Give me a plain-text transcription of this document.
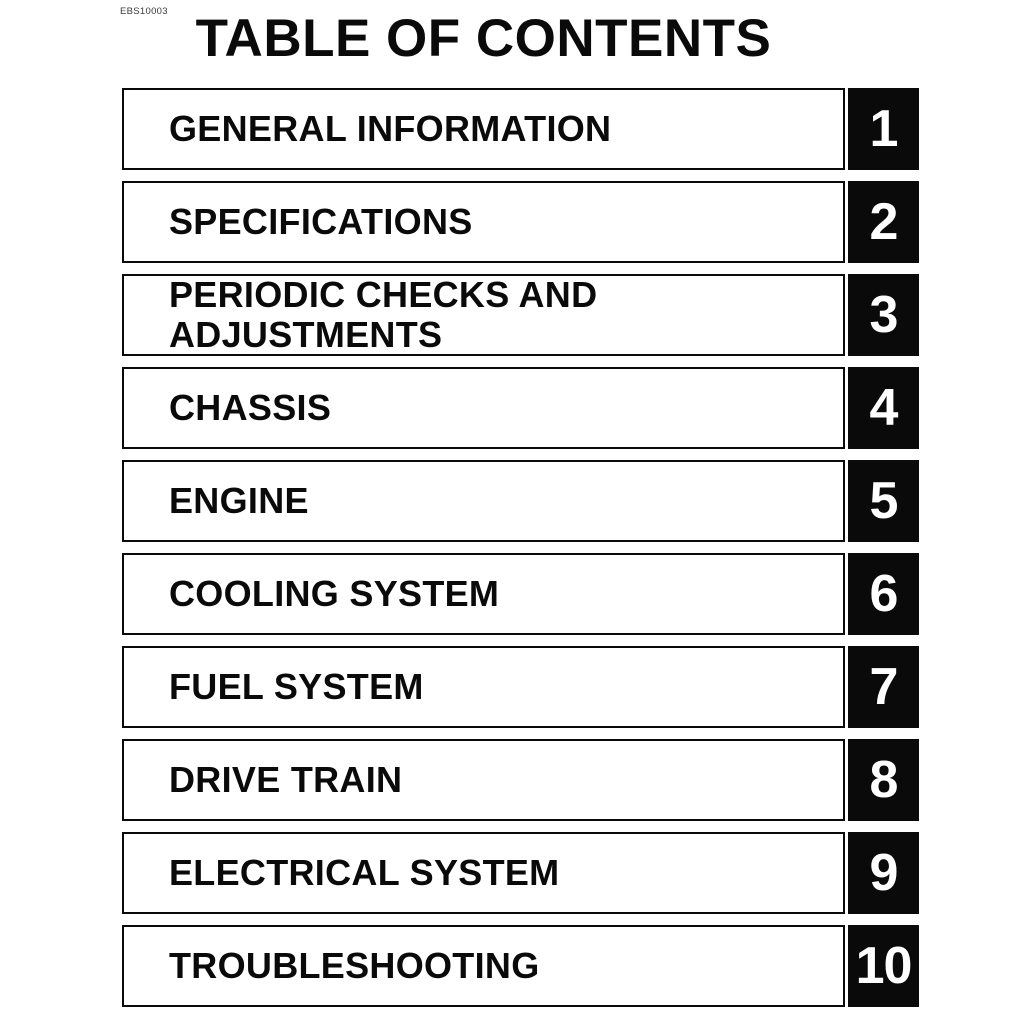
EBS10003 TABLE OF CONTENTS
GENERAL INFORMATION	1
SPECIFICATIONS	2
PERIODIC CHECKS AND ADJUSTMENTS	3
CHASSIS	4
ENGINE	5
COOLING SYSTEM	6
FUEL SYSTEM	7
DRIVE TRAIN	8
ELECTRICAL SYSTEM	9
TROUBLESHOOTING	10
